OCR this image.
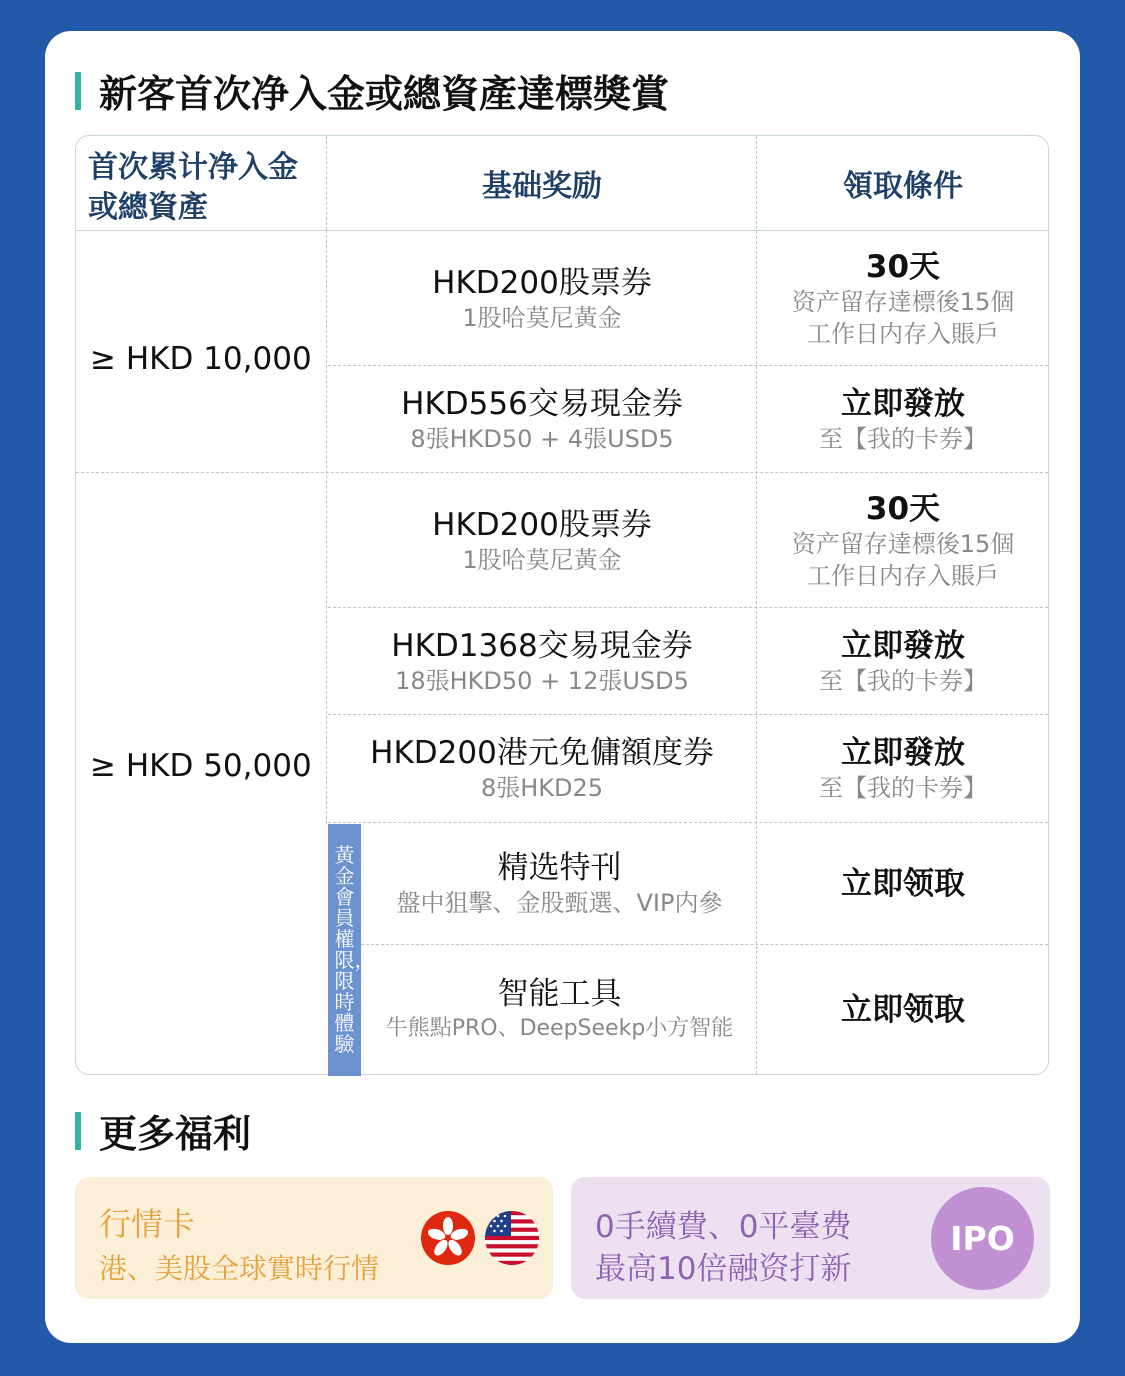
新客首次净入金或總資產達標獎賞
首次累计净入金
或總資產
基础奖励	領取條件
≥ HKD 10,000
≥ HKD 50,000
HKD200股票券
1股哈莫尼黃金
30天
资产留存達標後15個
工作日内存入賬戶
HKD556交易現金券
8張HKD50 + 4張USD5
立即發放
至【我的卡券】
HKD200股票券
1股哈莫尼黃金
30天
资产留存達標後15個
工作日内存入賬戶
HKD1368交易現金券
18張HKD50 + 12張USD5
立即發放
至【我的卡券】
HKD200港元免傭額度券
8張HKD25
立即發放
至【我的卡券】
黃金會員權限，限時體驗
精选特刊
盤中狙擊、金股甄選、VIP内參
立即领取
智能工具
牛熊點PRO、DeepSeekp小方智能
立即领取
更多福利
行情卡
港、美股全球實時行情
0手續費、0平臺费
最高10倍融资打新
IPO
